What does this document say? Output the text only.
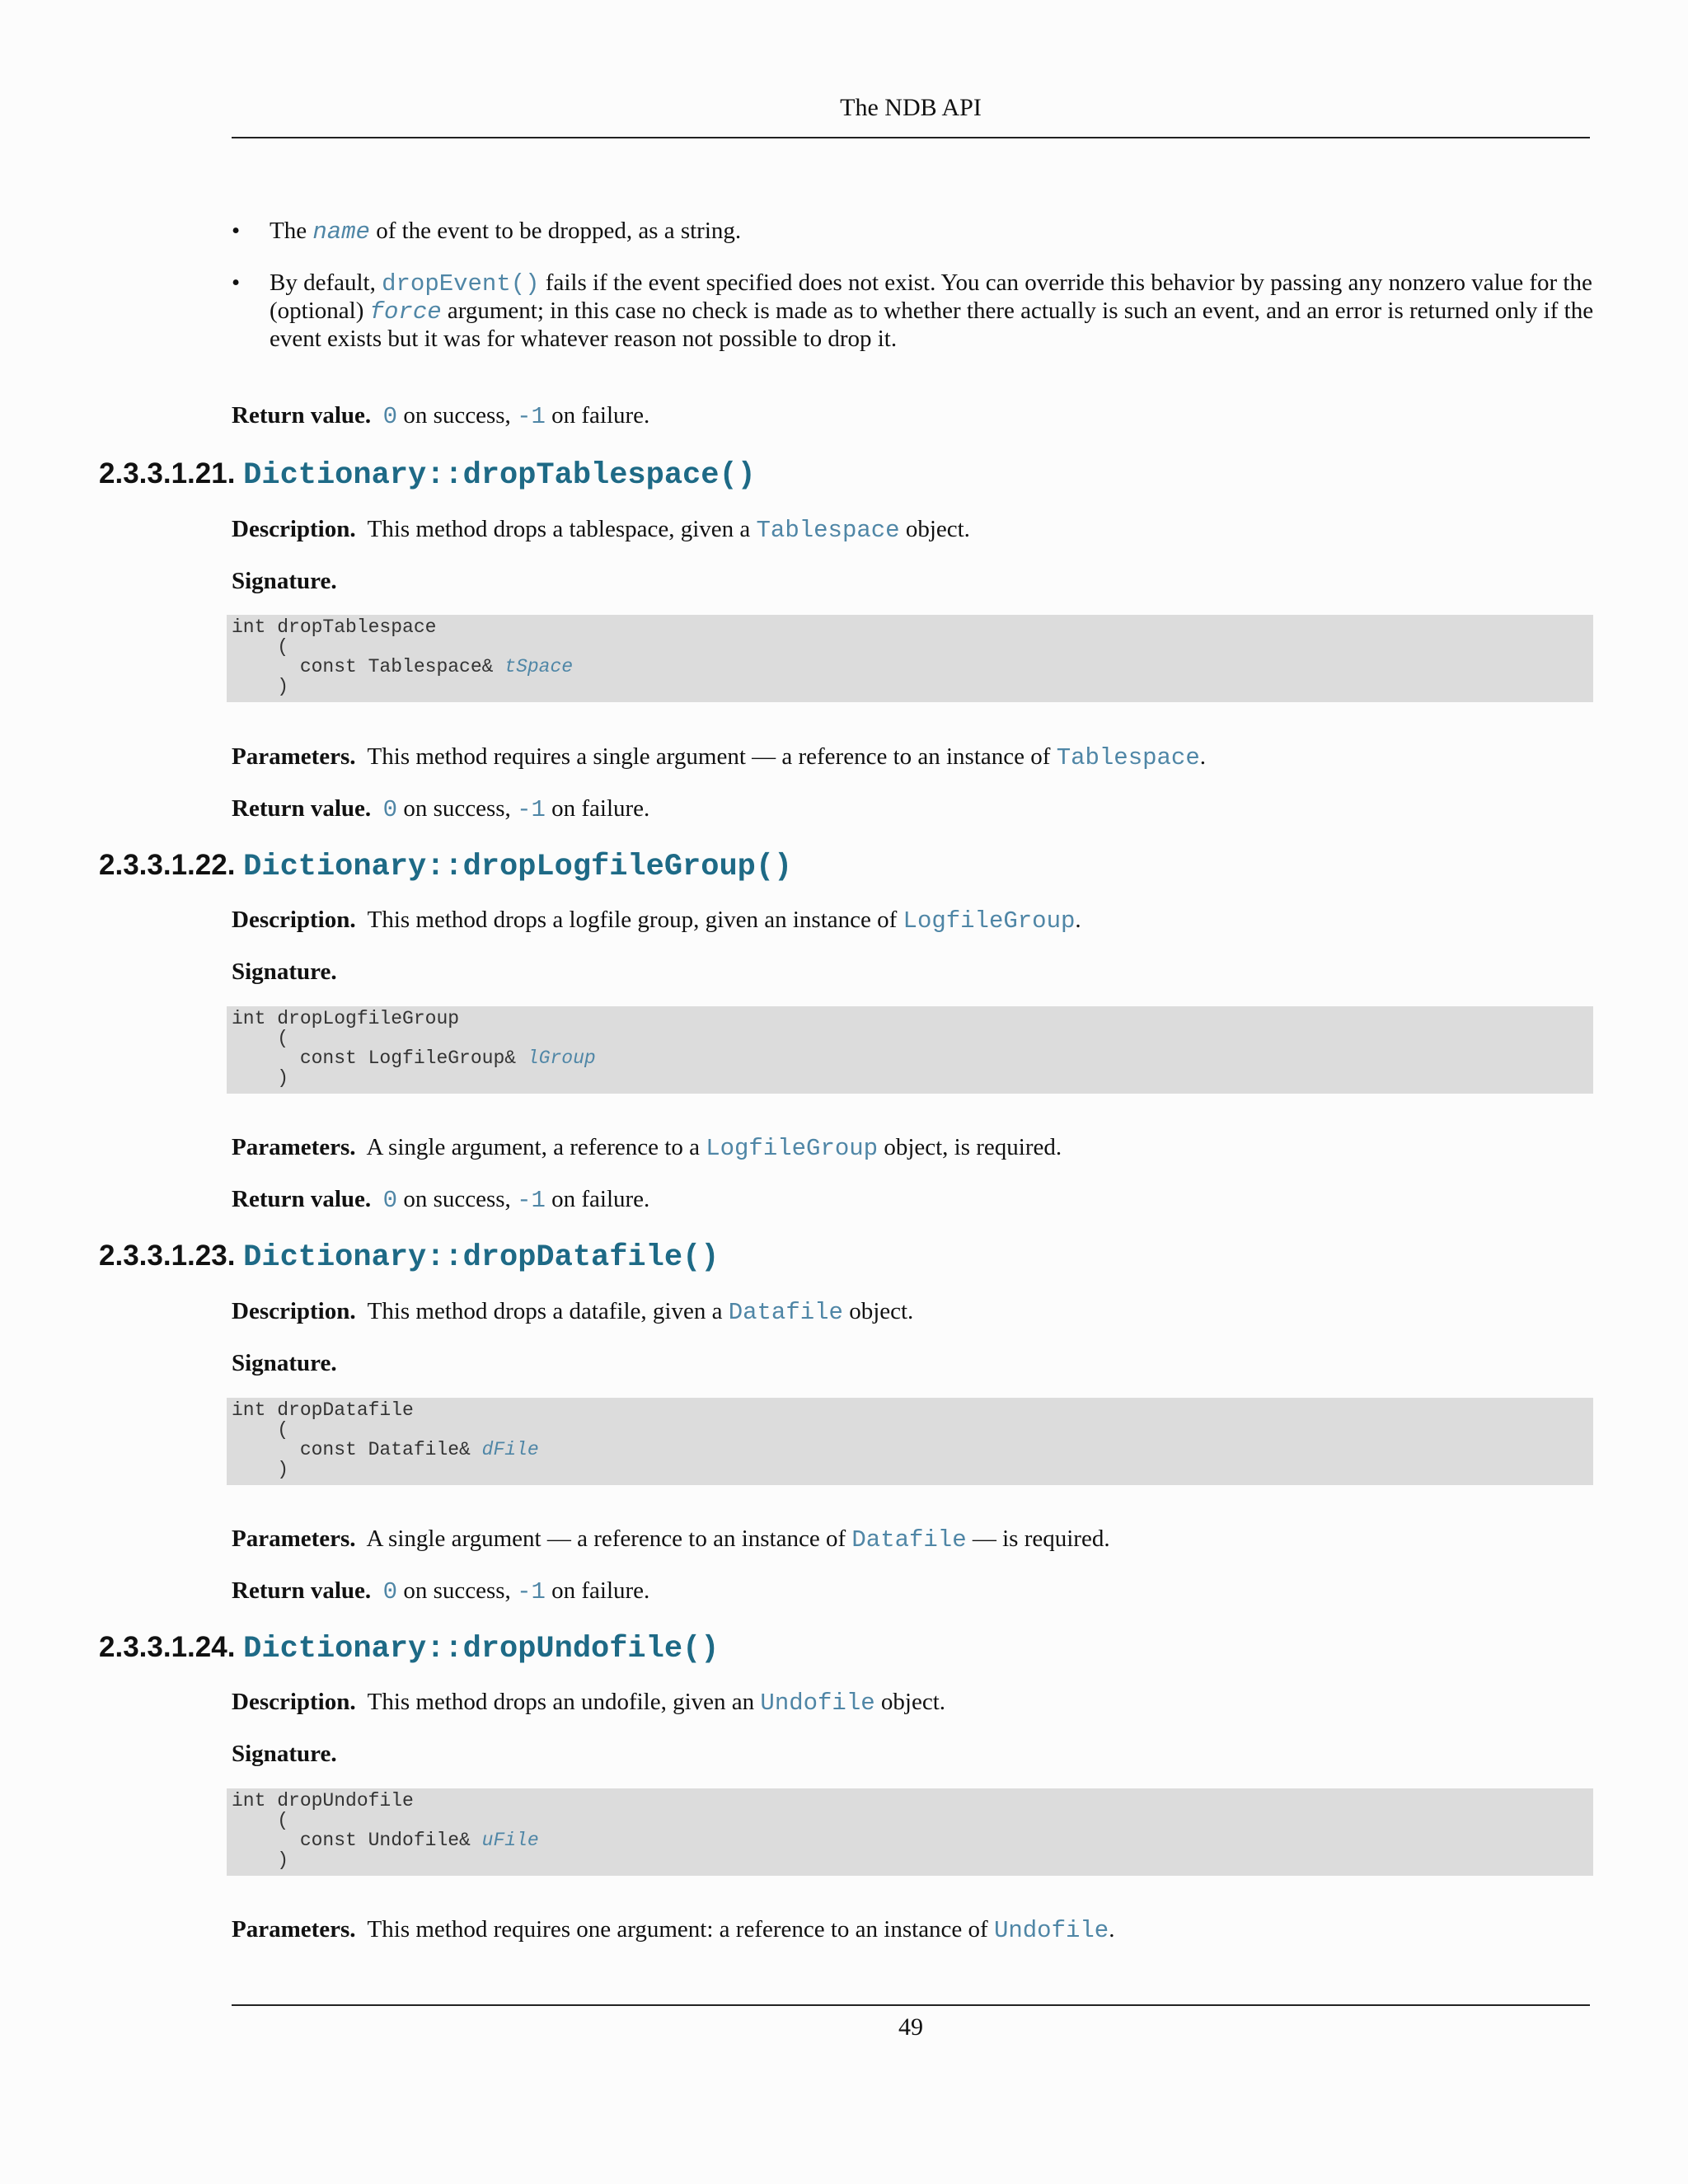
The NDB API
• The name of the event to be dropped, as a string.
• By default, dropEvent() fails if the event specified does not exist. You can override this behavior by passing any nonzero value for the (optional) force argument; in this case no check is made as to whether there actually is such an event, and an error is returned only if the event exists but it was for whatever reason not possible to drop it.
Return value. 0 on success, -1 on failure.
2.3.3.1.21. Dictionary::dropTablespace()
Description. This method drops a tablespace, given a Tablespace object.
Signature.
int dropTablespace
(
const Tablespace& tSpace
)
Parameters. This method requires a single argument — a reference to an instance of Tablespace.
Return value. 0 on success, -1 on failure.
2.3.3.1.22. Dictionary::dropLogfileGroup()
Description. This method drops a logfile group, given an instance of LogfileGroup.
Signature.
int dropLogfileGroup
(
const LogfileGroup& lGroup
)
Parameters. A single argument, a reference to a LogfileGroup object, is required.
Return value. 0 on success, -1 on failure.
2.3.3.1.23. Dictionary::dropDatafile()
Description. This method drops a datafile, given a Datafile object.
Signature.
int dropDatafile
(
const Datafile& dFile
)
Parameters. A single argument — a reference to an instance of Datafile — is required.
Return value. 0 on success, -1 on failure.
2.3.3.1.24. Dictionary::dropUndofile()
Description. This method drops an undofile, given an Undofile object.
Signature.
int dropUndofile
(
const Undofile& uFile
)
Parameters. This method requires one argument: a reference to an instance of Undofile.
49
